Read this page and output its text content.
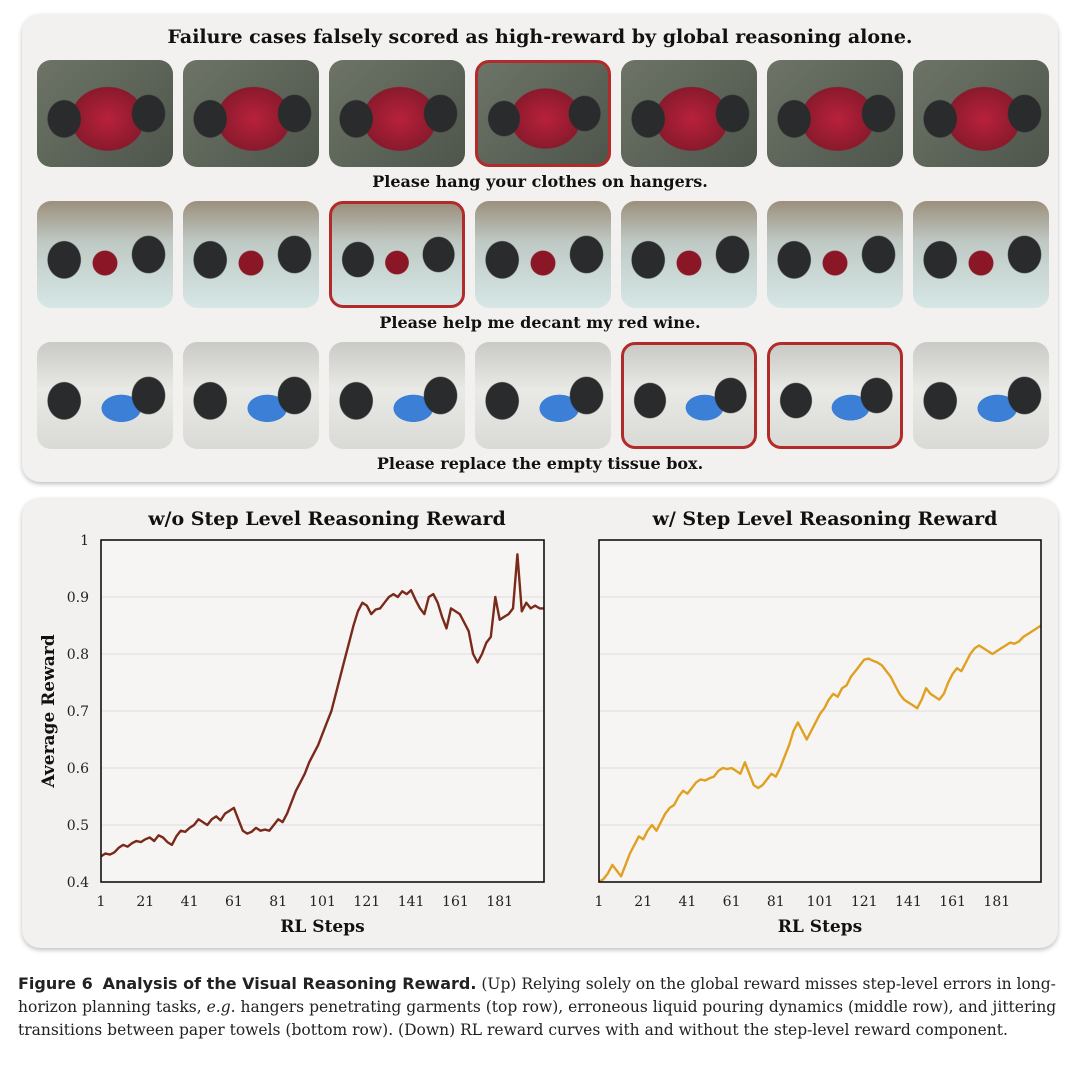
Failure cases falsely scored as high-reward by global reasoning alone.
Please hang your clothes on hangers.
Please help me decant my red wine.
Please replace the empty tissue box.
w/o Step Level Reasoning Reward	w/ Step Level Reasoning Reward
0.4
0.5
0.6
0.7
0.8
0.9
1
1 21 41 61 81 101 121 141 161 181
RL Steps
Average Reward
1 21 41 61 81 101 121 141 161 181
RL Steps
Figure 6 Analysis of the Visual Reasoning Reward. (Up) Relying solely on the global reward misses step-level errors in long-horizon planning tasks, e.g. hangers penetrating garments (top row), erroneous liquid pouring dynamics (middle row), and jittering transitions between paper towels (bottom row). (Down) RL reward curves with and without the step-level reward component.
